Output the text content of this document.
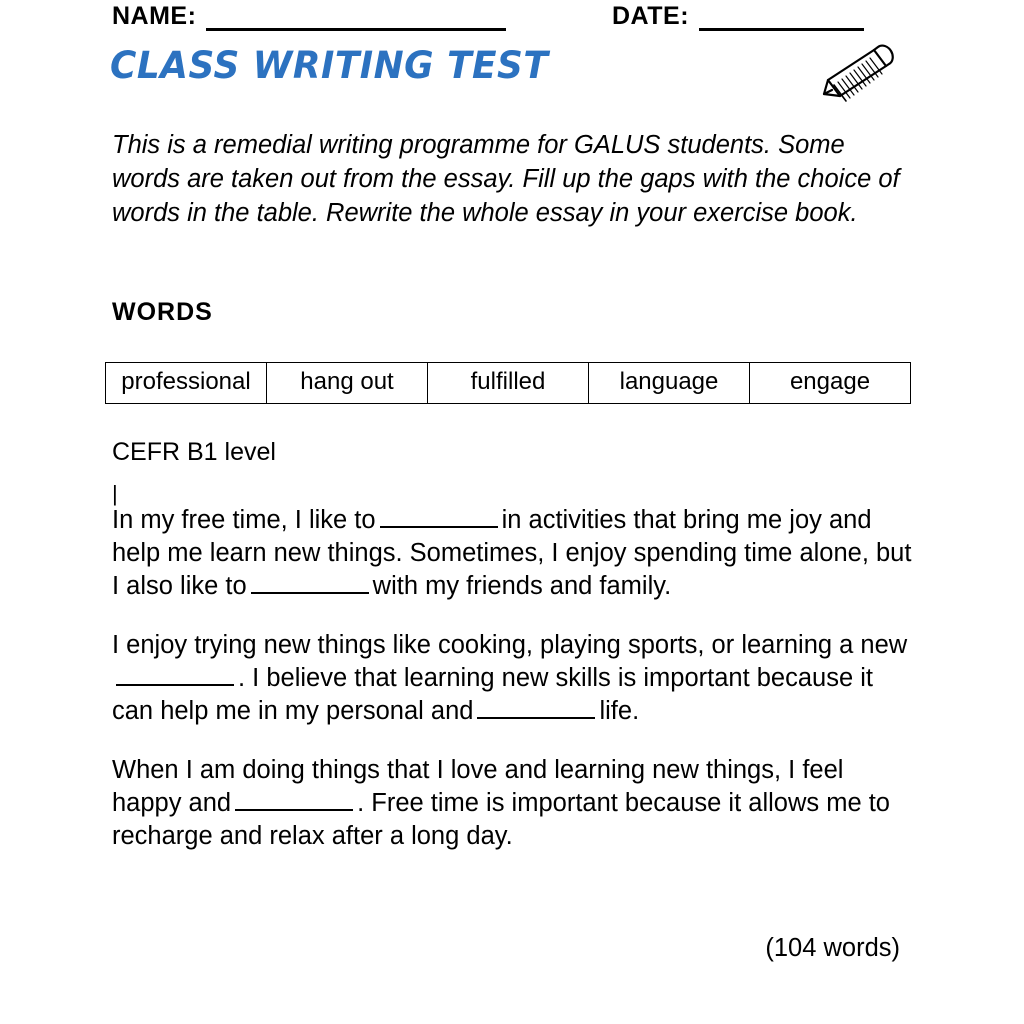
NAME:	DATE:
CLASS WRITING TEST
This is a remedial writing programme for GALUS students. Some words are taken out from the essay. Fill up the gaps with the choice of words in the table. Rewrite the whole essay in your exercise book.
WORDS
professional	hang out	fulfilled	language	engage
CEFR B1 level
|

In my free time, I like to	in activities that bring me joy and help me learn new things. Sometimes, I enjoy spending time alone, but I also like to	with my friends and family.

I enjoy trying new things like cooking, playing sports, or learning a new. I believe that learning new skills is important because it can help me in my personal and	life.

When I am doing things that I love and learning new things, I feel happy and	. Free time is important because it allows me to recharge and relax after a long day.

(104 words)
